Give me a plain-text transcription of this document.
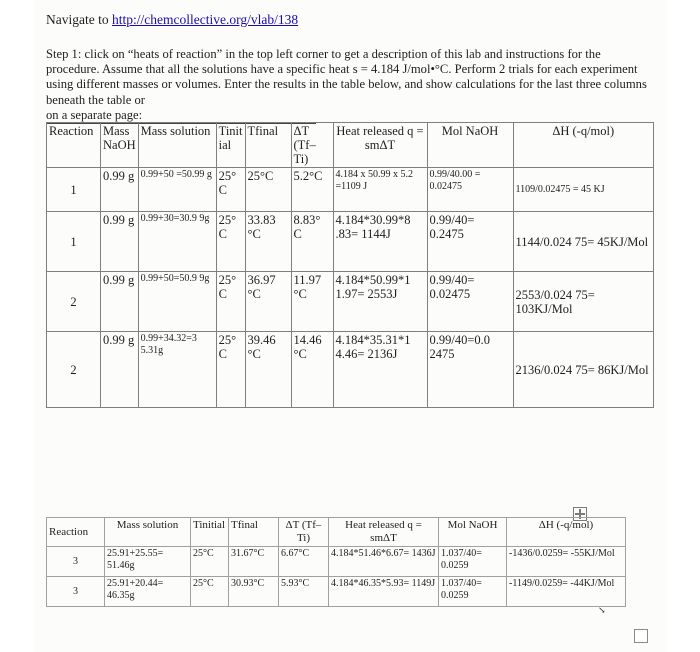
Navigate to http://chemcollective.org/vlab/138

Step 1: click on “heats of reaction” in the top left corner to get a description of this lab and instructions for the procedure. Assume that all the solutions have a specific heat s = 4.184 J/mol•°C. Perform 2 trials for each experiment using different masses or volumes. Enter the results in the table below, and show calculations for the last three columns beneath the table or
on a separate page:

Reaction	Mass NaOH	Mass solution	Tinit ial	Tfinal	ΔT (Tf– Ti)	Heat released q = smΔT	Mol NaOH	ΔH (-q/mol)
1	0.99 g	0.99+50 =50.99 g	25° C	25°C	5.2°C	4.184 x 50.99 x 5.2 =1109 J	0.99/40.00 = 0.02475	1109/0.02475 = 45 KJ
1	0.99 g	0.99+30=30.9 9g	25° C	33.83 °C	8.83° C	4.184*30.99*8 .83= 1144J	0.99/40= 0.2475	1144/0.024 75= 45KJ/Mol
2	0.99 g	0.99+50=50.9 9g	25° C	36.97 °C	11.97 °C	4.184*50.99*1 1.97= 2553J	0.99/40= 0.02475	2553/0.024 75= 103KJ/Mol
2	0.99 g	0.99+34.32=3 5.31g	25° C	39.46 °C	14.46 °C	4.184*35.31*1 4.46= 2136J	0.99/40=0.0 2475	2136/0.024 75= 86KJ/Mol
Reaction	Mass solution	Tinitial	Tfinal	ΔT (Tf– Ti)	Heat released q = smΔT	Mol NaOH	ΔH (-q/mol)
3	25.91+25.55= 51.46g	25°C	31.67°C	6.67°C	4.184*51.46*6.67= 1436J	1.037/40= 0.0259	-1436/0.0259= -55KJ/Mol
3	25.91+20.44= 46.35g	25°C	30.93°C	5.93°C	4.184*46.35*5.93= 1149J	1.037/40= 0.0259	-1149/0.0259= -44KJ/Mol
↘
